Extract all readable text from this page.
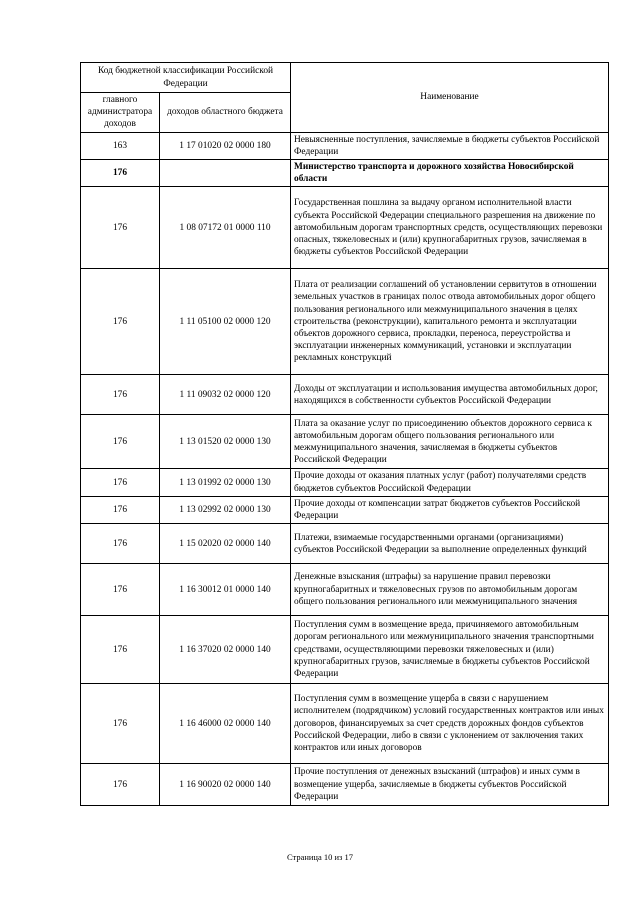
Код бюджетной классификации Российской Федерации		Наименование
главного администратора доходов	доходов областного бюджета	
163	1 17 01020 02 0000 180	Невыясненные поступления, зачисляемые в бюджеты субъектов Российской Федерации
176		Министерство транспорта и дорожного хозяйства Новосибирской области
176	1 08 07172 01 0000 110	Государственная пошлина за выдачу органом исполнительной власти субъекта Российской Федерации специального разрешения на движение по автомобильным дорогам транспортных средств, осуществляющих перевозки опасных, тяжеловесных и (или) крупногабаритных грузов, зачисляемая в бюджеты субъектов Российской Федерации
176	1 11 05100 02 0000 120	Плата от реализации соглашений об установлении сервитутов в отношении земельных участков в границах полос отвода автомобильных дорог общего пользования регионального или межмуниципального значения в целях строительства (реконструкции), капитального ремонта и эксплуатации объектов дорожного сервиса, прокладки, переноса, переустройства и эксплуатации инженерных коммуникаций, установки и эксплуатации рекламных конструкций
176	1 11 09032 02 0000 120	Доходы от эксплуатации и использования имущества автомобильных дорог, находящихся в собственности субъектов Российской Федерации
176	1 13 01520 02 0000 130	Плата за оказание услуг по присоединению объектов дорожного сервиса к автомобильным дорогам общего пользования регионального или межмуниципального значения, зачисляемая в бюджеты субъектов Российской Федерации
176	1 13 01992 02 0000 130	Прочие доходы от оказания платных услуг (работ) получателями средств бюджетов субъектов Российской Федерации
176	1 13 02992 02 0000 130	Прочие доходы от компенсации затрат бюджетов субъектов Российской Федерации
176	1 15 02020 02 0000 140	Платежи, взимаемые государственными органами (организациями) субъектов Российской Федерации за выполнение определенных функций
176	1 16 30012 01 0000 140	Денежные взыскания (штрафы) за нарушение правил перевозки крупногабаритных и тяжеловесных грузов по автомобильным дорогам общего пользования регионального или межмуниципального значения
176	1 16 37020 02 0000 140	Поступления сумм в возмещение вреда, причиняемого автомобильным дорогам регионального или межмуниципального значения транспортными средствами, осуществляющими перевозки тяжеловесных и (или) крупногабаритных грузов, зачисляемые в бюджеты субъектов Российской Федерации
176	1 16 46000 02 0000 140	Поступления сумм в возмещение ущерба в связи с нарушением исполнителем (подрядчиком) условий государственных контрактов или иных договоров, финансируемых за счет средств дорожных фондов субъектов Российской Федерации, либо в связи с уклонением от заключения таких контрактов или иных договоров
176	1 16 90020 02 0000 140	Прочие поступления от денежных взысканий (штрафов) и иных сумм в возмещение ущерба, зачисляемые в бюджеты субъектов Российской Федерации
Страница 10 из 17
